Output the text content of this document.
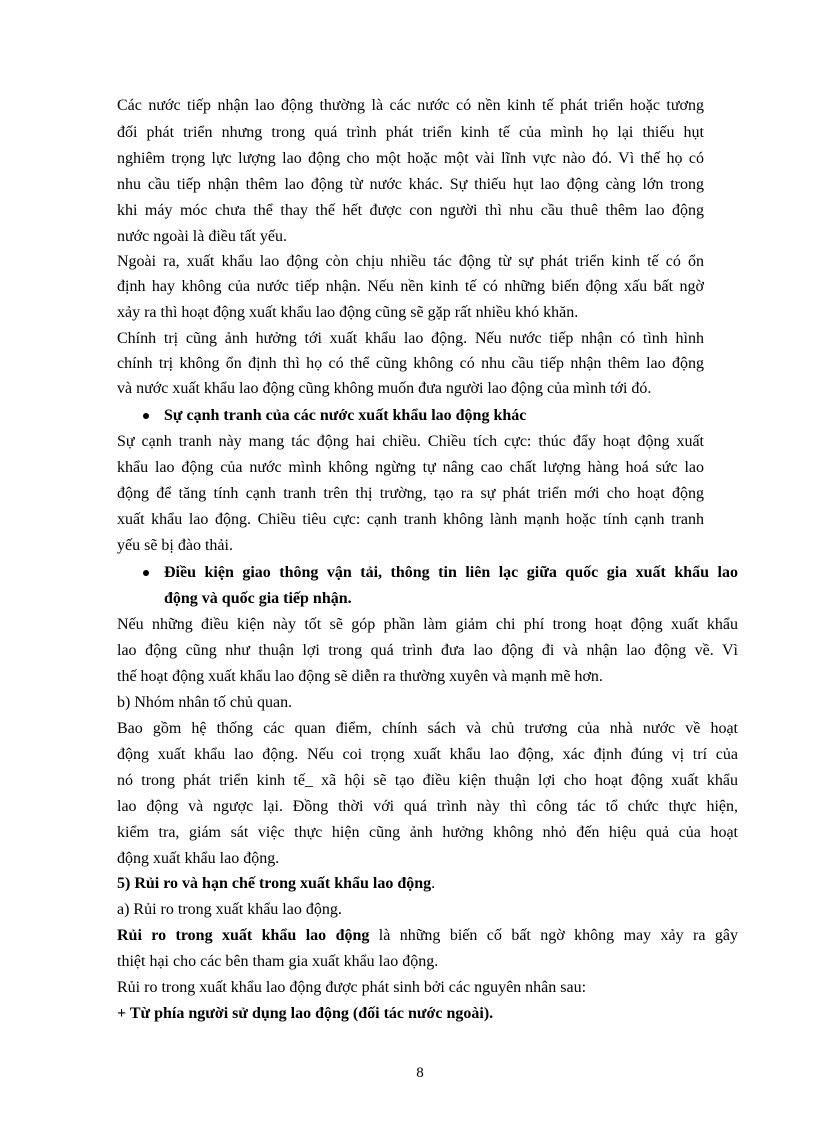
Các nước tiếp nhận lao động thường là các nước có nền kinh tế phát triển hoặc tương
đối phát triển nhưng trong quá trình phát triển kinh tế của mình họ lại thiếu hụt
nghiêm trọng lực lượng lao động cho một hoặc một vài lĩnh vực nào đó. Vì thế họ có
nhu cầu tiếp nhận thêm lao động từ nước khác. Sự thiếu hụt lao động càng lớn trong
khi máy móc chưa thể thay thế hết được con người thì nhu cầu thuê thêm lao động
nước ngoài là điều tất yếu.
Ngoài ra, xuất khẩu lao động còn chịu nhiều tác động từ sự phát triển kinh tế có ổn
định hay không của nước tiếp nhận. Nếu nền kinh tế có những biến động xấu bất ngờ
xảy ra thì hoạt động xuất khẩu lao động cũng sẽ gặp rất nhiều khó khăn.
Chính trị cũng ảnh hưởng tới xuất khẩu lao động. Nếu nước tiếp nhận có tình hình
chính trị không ổn định thì họ có thể cũng không có nhu cầu tiếp nhận thêm lao động
và nước xuất khẩu lao động cũng không muốn đưa người lao động của mình tới đó.
Sự cạnh tranh của các nước xuất khẩu lao động khác
Sự cạnh tranh này mang tác động hai chiều. Chiều tích cực: thúc đẩy hoạt động xuất
khẩu lao động của nước mình không ngừng tự nâng cao chất lượng hàng hoá sức lao
động để tăng tính cạnh tranh trên thị trường, tạo ra sự phát triển mới cho hoạt động
xuất khẩu lao động. Chiều tiêu cực: cạnh tranh không lành mạnh hoặc tính cạnh tranh
yếu sẽ bị đào thải.
Điều kiện giao thông vận tải, thông tin liên lạc giữa quốc gia xuất khẩu lao
động và quốc gia tiếp nhận.
Nếu những điều kiện này tốt sẽ góp phần làm giảm chi phí trong hoạt động xuất khẩu
lao động cũng như thuận lợi trong quá trình đưa lao động đi và nhận lao động về. Vì
thế hoạt động xuất khẩu lao động sẽ diễn ra thường xuyên và mạnh mẽ hơn.
b) Nhóm nhân tố chủ quan.
Bao gồm hệ thống các quan điểm, chính sách và chủ trương của nhà nước về hoạt
động xuất khẩu lao động. Nếu coi trọng xuất khẩu lao động, xác định đúng vị trí của
nó trong phát triển kinh tế_ xã hội sẽ tạo điều kiện thuận lợi cho hoạt động xuất khẩu
lao động và ngược lại. Đồng thời với quá trình này thì công tác tổ chức thực hiện,
kiểm tra, giám sát việc thực hiện cũng ảnh hưởng không nhỏ đến hiệu quả của hoạt
động xuất khẩu lao động.
5) Rủi ro và hạn chế trong xuất khẩu lao động.
a) Rủi ro trong xuất khẩu lao động.
Rủi ro trong xuất khẩu lao động là những biến cố bất ngờ không may xảy ra gây
thiệt hại cho các bên tham gia xuất khẩu lao động.
Rủi ro trong xuất khẩu lao động được phát sinh bởi các nguyên nhân sau:
+ Từ phía người sử dụng lao động (đối tác nước ngoài).
8
